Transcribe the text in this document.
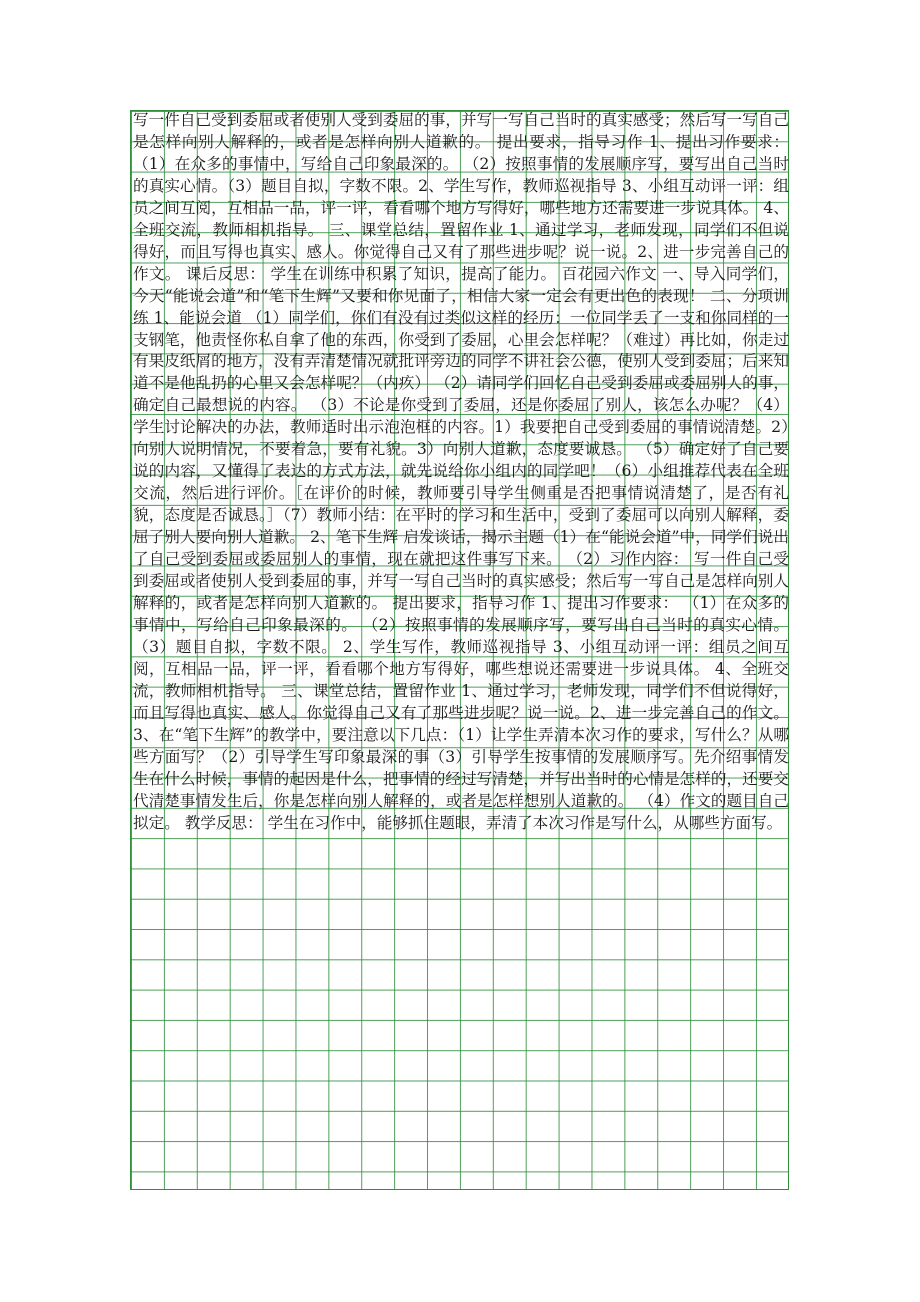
写一件自己受到委屈或者使别人受到委屈的事，并写一写自己当时的真实感受；然后写一写自己是怎样向别人解释的，或者是怎样向别人道歉的。 提出要求，指导习作 1、提出习作要求： （1）在众多的事情中，写给自己印象最深的。 （2）按照事情的发展顺序写，要写出自己当时的真实心情。（3）题目自拟，字数不限。2、学生写作，教师巡视指导 3、小组互动评一评：组员之间互阅，互相品一品，评一评，看看哪个地方写得好，哪些地方还需要进一步说具体。 4、全班交流，教师相机指导。 三、课堂总结，置留作业 1、通过学习，老师发现，同学们不但说得好，而且写得也真实、感人。你觉得自己又有了那些进步呢？说一说。2、进一步完善自己的作文。 课后反思： 学生在训练中积累了知识，提高了能力。 百花园六作文 一、导入同学们，今天“能说会道”和“笔下生辉”又要和你见面了，相信大家一定会有更出色的表现！ 二、分项训练 1、能说会道 （1）同学们，你们有没有过类似这样的经历：一位同学丢了一支和你同样的一支钢笔，他责怪你私自拿了他的东西，你受到了委屈，心里会怎样呢？（难过）再比如，你走过有果皮纸屑的地方，没有弄清楚情况就批评旁边的同学不讲社会公德，使别人受到委屈；后来知道不是他乱扔的心里又会怎样呢？（内疚） （2）请同学们回忆自己受到委屈或委屈别人的事，确定自己最想说的内容。 （3）不论是你受到了委屈，还是你委屈了别人，该怎么办呢？（4）学生讨论解决的办法，教师适时出示泡泡框的内容。1）我要把自己受到委屈的事情说清楚。2）向别人说明情况，不要着急，要有礼貌。3）向别人道歉，态度要诚恳。 （5）确定好了自己要说的内容，又懂得了表达的方式方法，就先说给你小组内的同学吧！（6）小组推荐代表在全班交流，然后进行评价。［在评价的时候，教师要引导学生侧重是否把事情说清楚了，是否有礼貌，态度是否诚恳。］（7）教师小结：在平时的学习和生活中，受到了委屈可以向别人解释，委屈了别人要向别人道歉。 2、笔下生辉 启发谈话，揭示主题（1）在“能说会道”中，同学们说出了自己受到委屈或委屈别人的事情，现在就把这件事写下来。 （2）习作内容： 写一件自己受到委屈或者使别人受到委屈的事，并写一写自己当时的真实感受；然后写一写自己是怎样向别人解释的，或者是怎样向别人道歉的。 提出要求，指导习作 1、提出习作要求： （1）在众多的事情中，写给自己印象最深的。 （2）按照事情的发展顺序写，要写出自己当时的真实心情。（3）题目自拟，字数不限。 2、学生写作，教师巡视指导 3、小组互动评一评：组员之间互阅，互相品一品，评一评，看看哪个地方写得好，哪些想说还需要进一步说具体。 4、全班交流，教师相机指导。 三、课堂总结，置留作业 1、通过学习，老师发现，同学们不但说得好，而且写得也真实、感人。你觉得自己又有了那些进步呢？说一说。2、进一步完善自己的作文。3、在“笔下生辉”的教学中，要注意以下几点：（1）让学生弄清本次习作的要求，写什么？从哪些方面写？（2）引导学生写印象最深的事（3）引导学生按事情的发展顺序写。先介绍事情发生在什么时候，事情的起因是什么，把事情的经过写清楚，并写出当时的心情是怎样的，还要交代清楚事情发生后，你是怎样向别人解释的，或者是怎样想别人道歉的。 （4）作文的题目自己拟定。 教学反思： 学生在习作中，能够抓住题眼，弄清了本次习作是写什么，从哪些方面写。
